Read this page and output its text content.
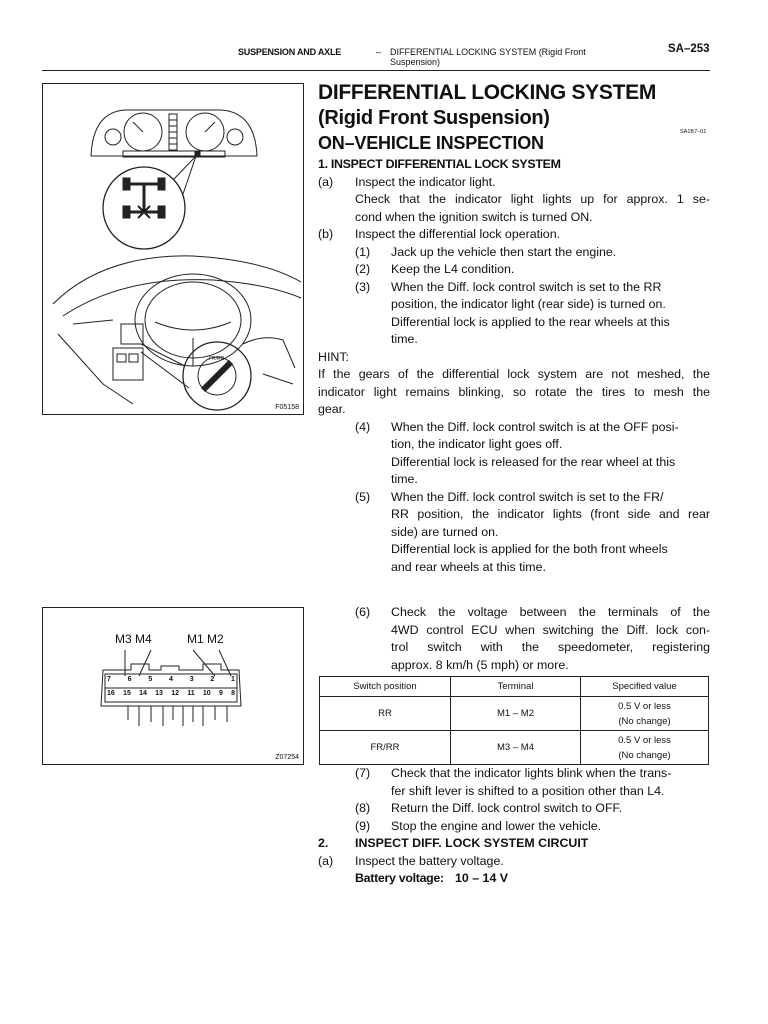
SUSPENSION AND AXLE	– DIFFERENTIAL LOCKING SYSTEM (Rigid Front
Suspension)
SA–253
FR/RR
F05158
M3 M4	M1 M2
7 6 5 4 3 2 1
16 15 14 13 12 11 10 9 8
Z07254
DIFFERENTIAL LOCKING SYSTEM
(Rigid Front Suspension)
ON–VEHICLE INSPECTION
SA1B7–01
1. INSPECT DIFFERENTIAL LOCK SYSTEM
(a) Inspect the indicator light.
Check that the indicator light lights up for approx. 1 se-
cond when the ignition switch is turned ON.
(b) Inspect the differential lock operation.
(1) Jack up the vehicle then start the engine.
(2) Keep the L4 condition.
(3) When the Diff. lock control switch is set to the RR
position, the indicator light (rear side) is turned on.
Differential lock is applied to the rear wheels at this
time.
HINT:
If the gears of the differential lock system are not meshed, the
indicator light remains blinking, so rotate the tires to mesh the
gear.
(4) When the Diff. lock control switch is at the OFF posi-
tion, the indicator light goes off.
Differential lock is released for the rear wheel at this
time.
(5) When the Diff. lock control switch is set to the FR/
RR position, the indicator lights (front side and rear
side) are turned on.
Differential lock is applied for the both front wheels
and rear wheels at this time.
(6) Check the voltage between the terminals of the
4WD control ECU when switching the Diff. lock con-
trol switch with the speedometer, registering
approx. 8 km/h (5 mph) or more.
Switch position	Terminal	Specified value
RR	M1 – M2	0.5 V or less
(No change)

FR/RR	M3 – M4	0.5 V or less
(No change)
(7) Check that the indicator lights blink when the trans-
fer shift lever is shifted to a position other than L4.
(8) Return the Diff. lock control switch to OFF.
(9) Stop the engine and lower the vehicle.
2. INSPECT DIFF. LOCK SYSTEM CIRCUIT
(a) Inspect the battery voltage.
Battery voltage: 10 – 14 V
